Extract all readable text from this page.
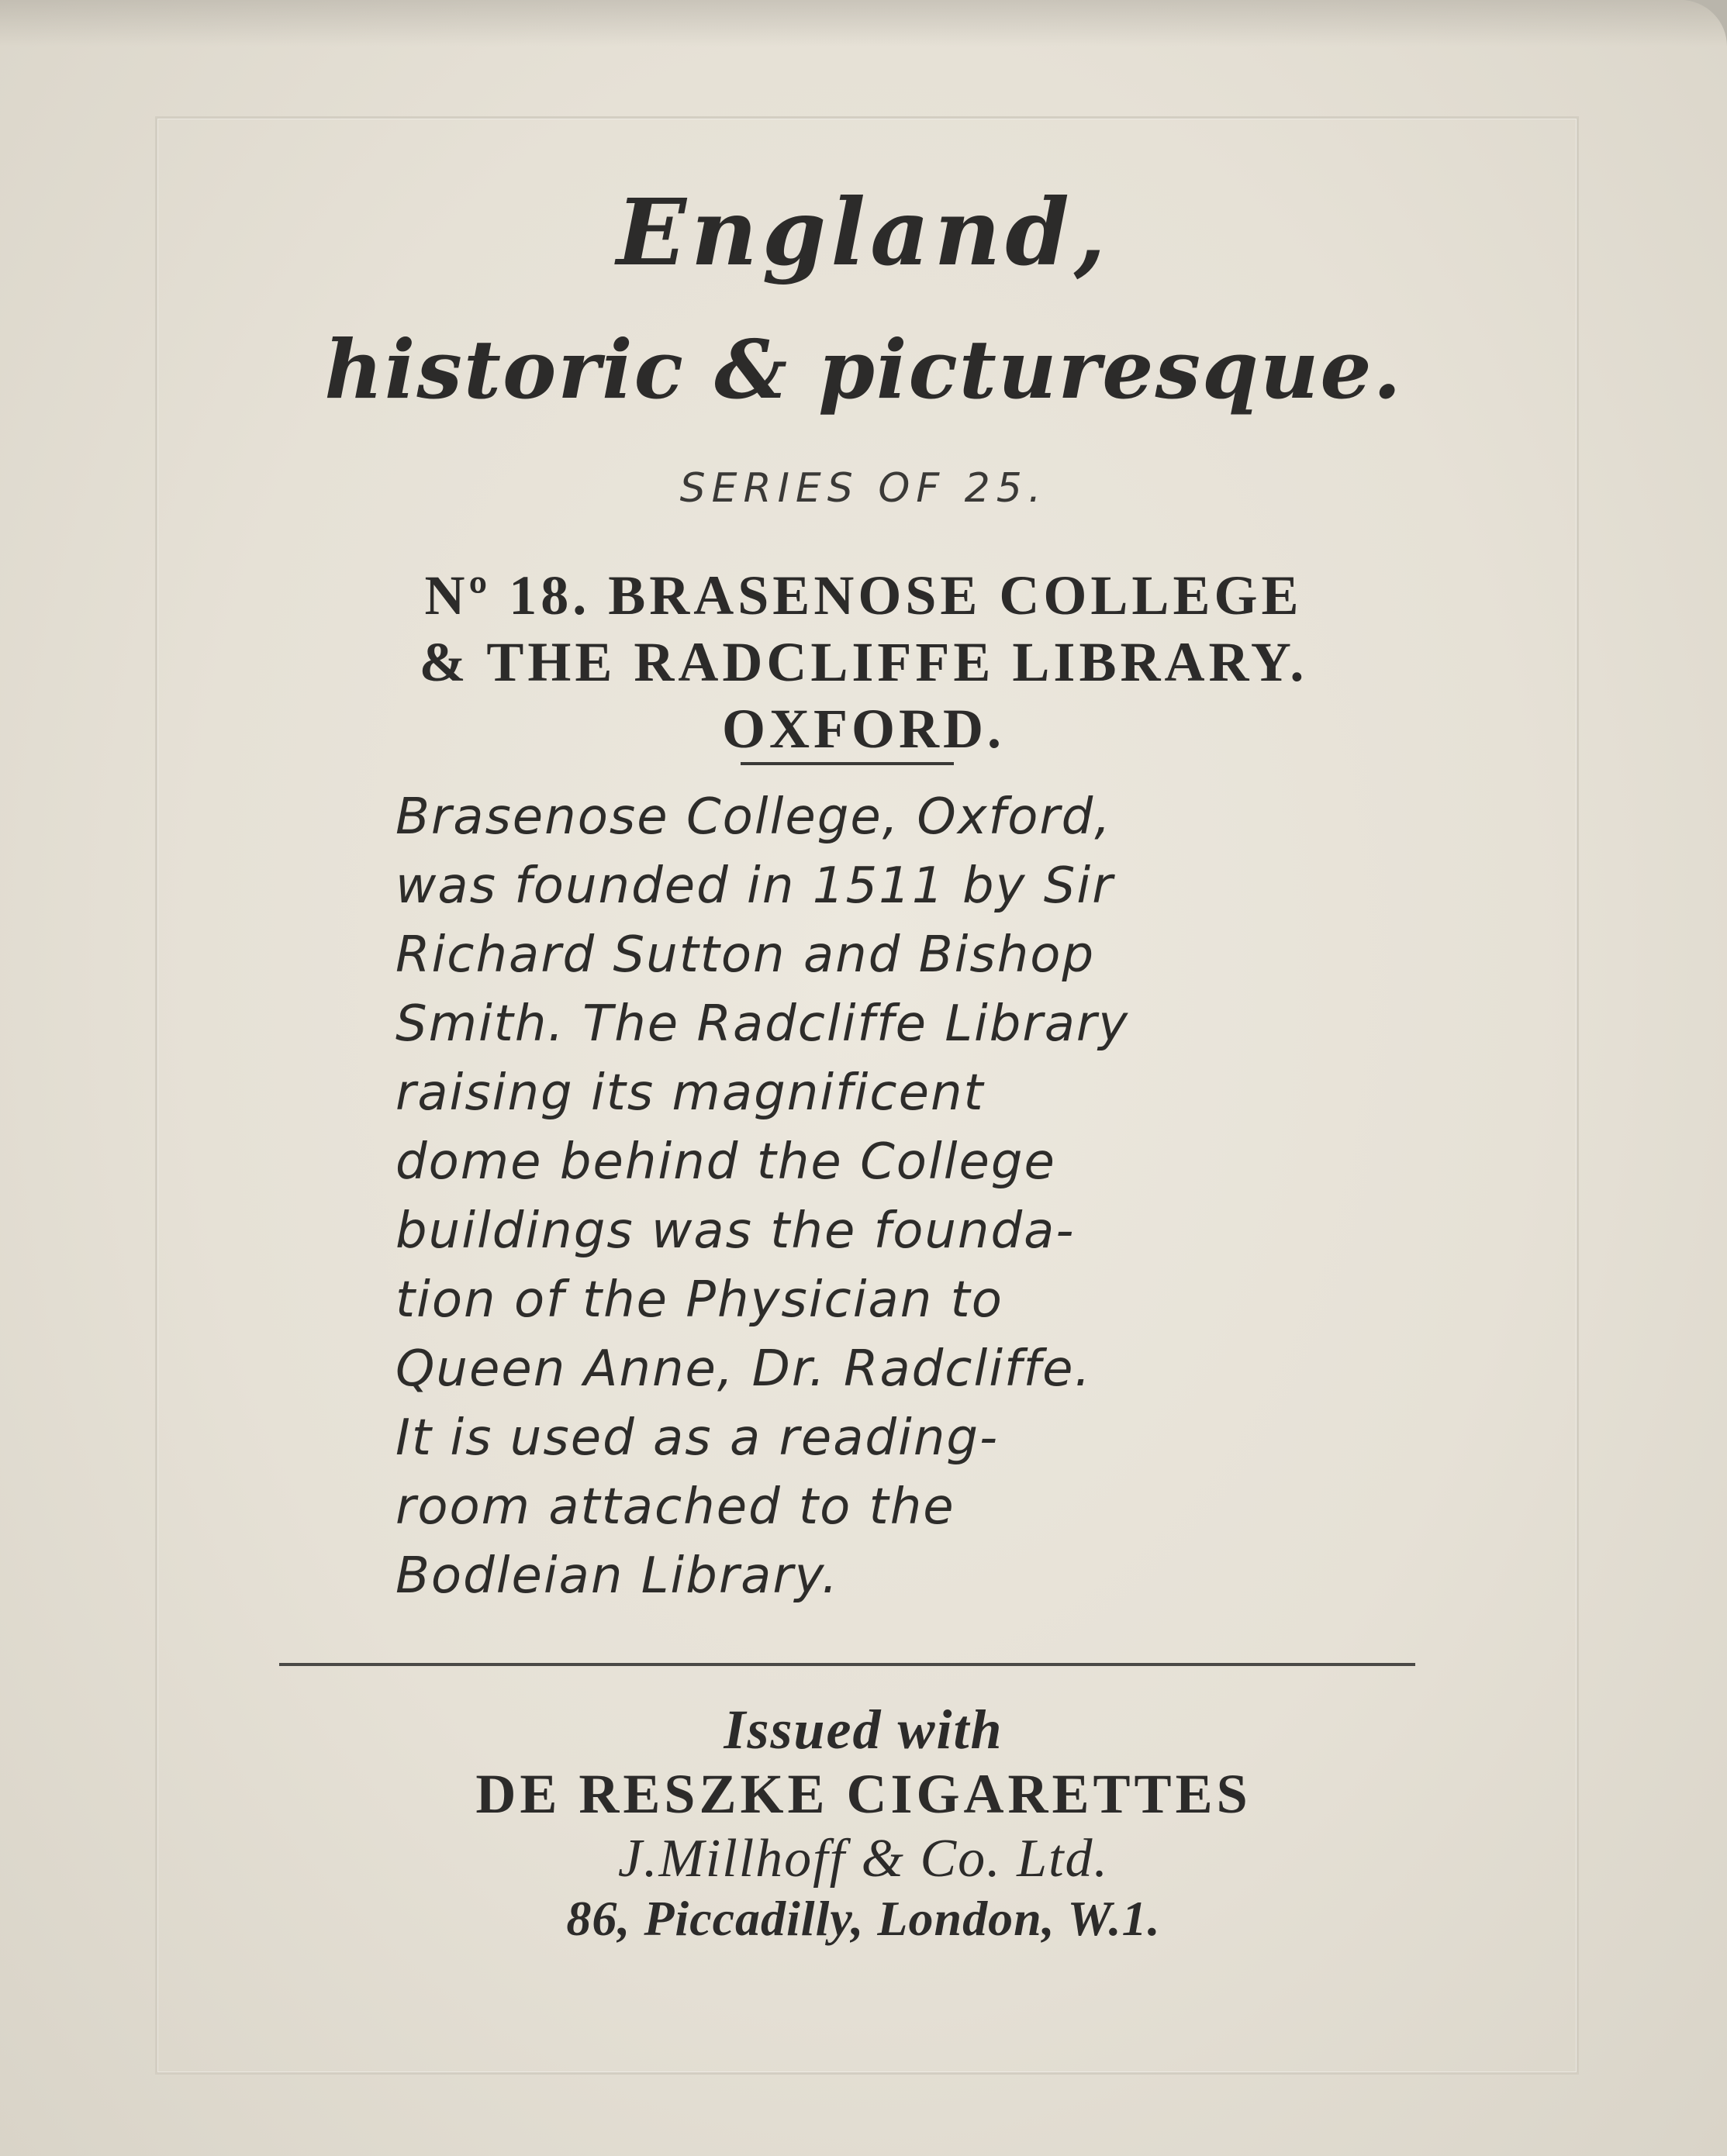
England,
historic & picturesque.

SERIES OF 25.

Nº 18. BRASENOSE COLLEGE
& THE RADCLIFFE LIBRARY.
OXFORD.
Brasenose College, Oxford,
was founded in 1511 by Sir
Richard Sutton and Bishop
Smith. The Radcliffe Library
raising its magnificent
dome behind the College
buildings was the founda-
tion of the Physician to
Queen Anne, Dr. Radcliffe.
It is used as a reading-
room attached to the
Bodleian Library.

Issued with

DE RESZKE CIGARETTES

J.Millhoff & Co. Ltd.

86, Piccadilly, London, W.1.
